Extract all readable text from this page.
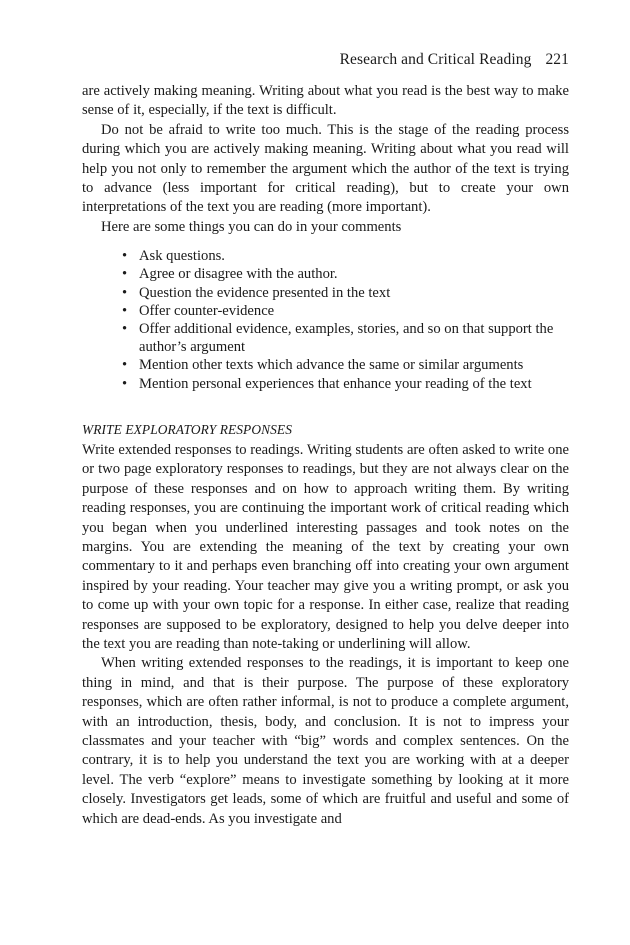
Research and Critical Reading 221

are actively making meaning. Writing about what you read is the best way to make sense of it, especially, if the text is difficult.

Do not be afraid to write too much. This is the stage of the reading process during which you are actively making meaning. Writing about what you read will help you not only to remember the argument which the author of the text is trying to advance (less important for critical reading), but to create your own interpretations of the text you are reading (more important).

Here are some things you can do in your comments

• Ask questions.
• Agree or disagree with the author.
• Question the evidence presented in the text
• Offer counter-evidence
• Offer additional evidence, examples, stories, and so on that support the author’s argument
• Mention other texts which advance the same or similar arguments
• Mention personal experiences that enhance your reading of the text
WRITE EXPLORATORY RESPONSES

Write extended responses to readings. Writing students are often asked to write one or two page exploratory responses to readings, but they are not always clear on the purpose of these responses and on how to approach writing them. By writing reading responses, you are continuing the important work of critical reading which you began when you underlined interesting passages and took notes on the margins. You are extending the meaning of the text by creating your own commentary to it and perhaps even branching off into creating your own argument inspired by your reading. Your teacher may give you a writing prompt, or ask you to come up with your own topic for a response. In either case, realize that reading responses are supposed to be exploratory, designed to help you delve deeper into the text you are reading than note-taking or underlining will allow.

When writing extended responses to the readings, it is important to keep one thing in mind, and that is their purpose. The purpose of these exploratory responses, which are often rather informal, is not to produce a complete argument, with an introduction, thesis, body, and conclusion. It is not to impress your classmates and your teacher with “big” words and complex sentences. On the contrary, it is to help you understand the text you are working with at a deeper level. The verb “explore” means to investigate something by looking at it more closely. Investigators get leads, some of which are fruitful and useful and some of which are dead-ends. As you investigate and
